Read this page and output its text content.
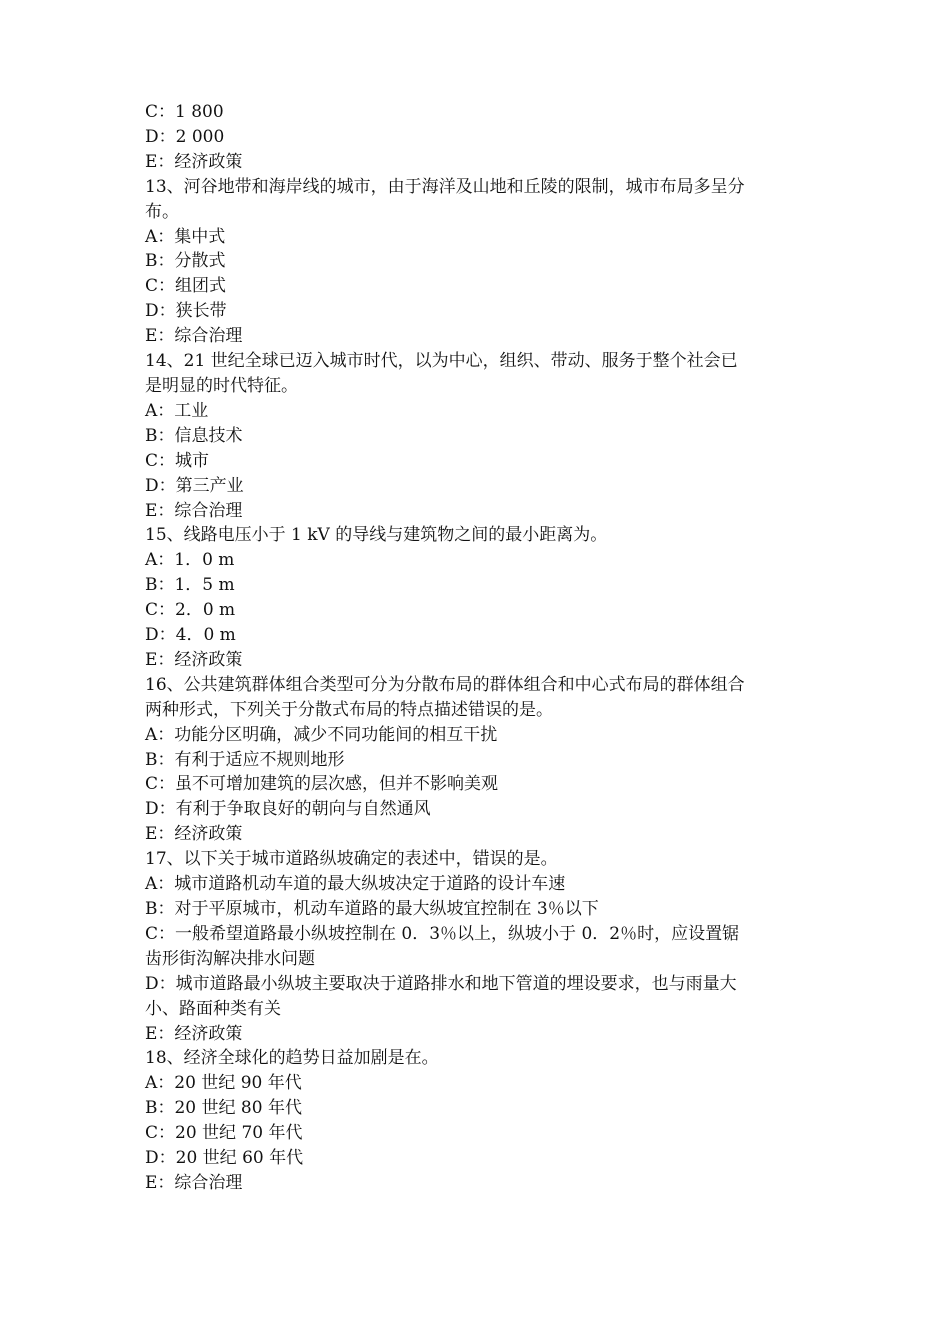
C：1 800
D：2 000
E：经济政策
13、河谷地带和海岸线的城市，由于海洋及山地和丘陵的限制，城市布局多呈分
布。
A：集中式
B：分散式
C：组团式
D：狭长带
E：综合治理
14、21 世纪全球已迈入城市时代，以为中心，组织、带动、服务于整个社会已
是明显的时代特征。
A：工业
B：信息技术
C：城市
D：第三产业
E：综合治理
15、线路电压小于 1 kV 的导线与建筑物之间的最小距离为。
A：1．0 m
B：1．5 m
C：2．0 m
D：4．0 m
E：经济政策
16、公共建筑群体组合类型可分为分散布局的群体组合和中心式布局的群体组合
两种形式，下列关于分散式布局的特点描述错误的是。
A：功能分区明确，减少不同功能间的相互干扰
B：有利于适应不规则地形
C：虽不可增加建筑的层次感，但并不影响美观
D：有利于争取良好的朝向与自然通风
E：经济政策
17、以下关于城市道路纵坡确定的表述中，错误的是。
A：城市道路机动车道的最大纵坡决定于道路的设计车速
B：对于平原城市，机动车道路的最大纵坡宜控制在 3％以下
C：一般希望道路最小纵坡控制在 0．3％以上，纵坡小于 0．2％时，应设置锯
齿形街沟解决排水问题
D：城市道路最小纵坡主要取决于道路排水和地下管道的埋设要求，也与雨量大
小、路面种类有关
E：经济政策
18、经济全球化的趋势日益加剧是在。
A：20 世纪 90 年代
B：20 世纪 80 年代
C：20 世纪 70 年代
D：20 世纪 60 年代
E：综合治理
